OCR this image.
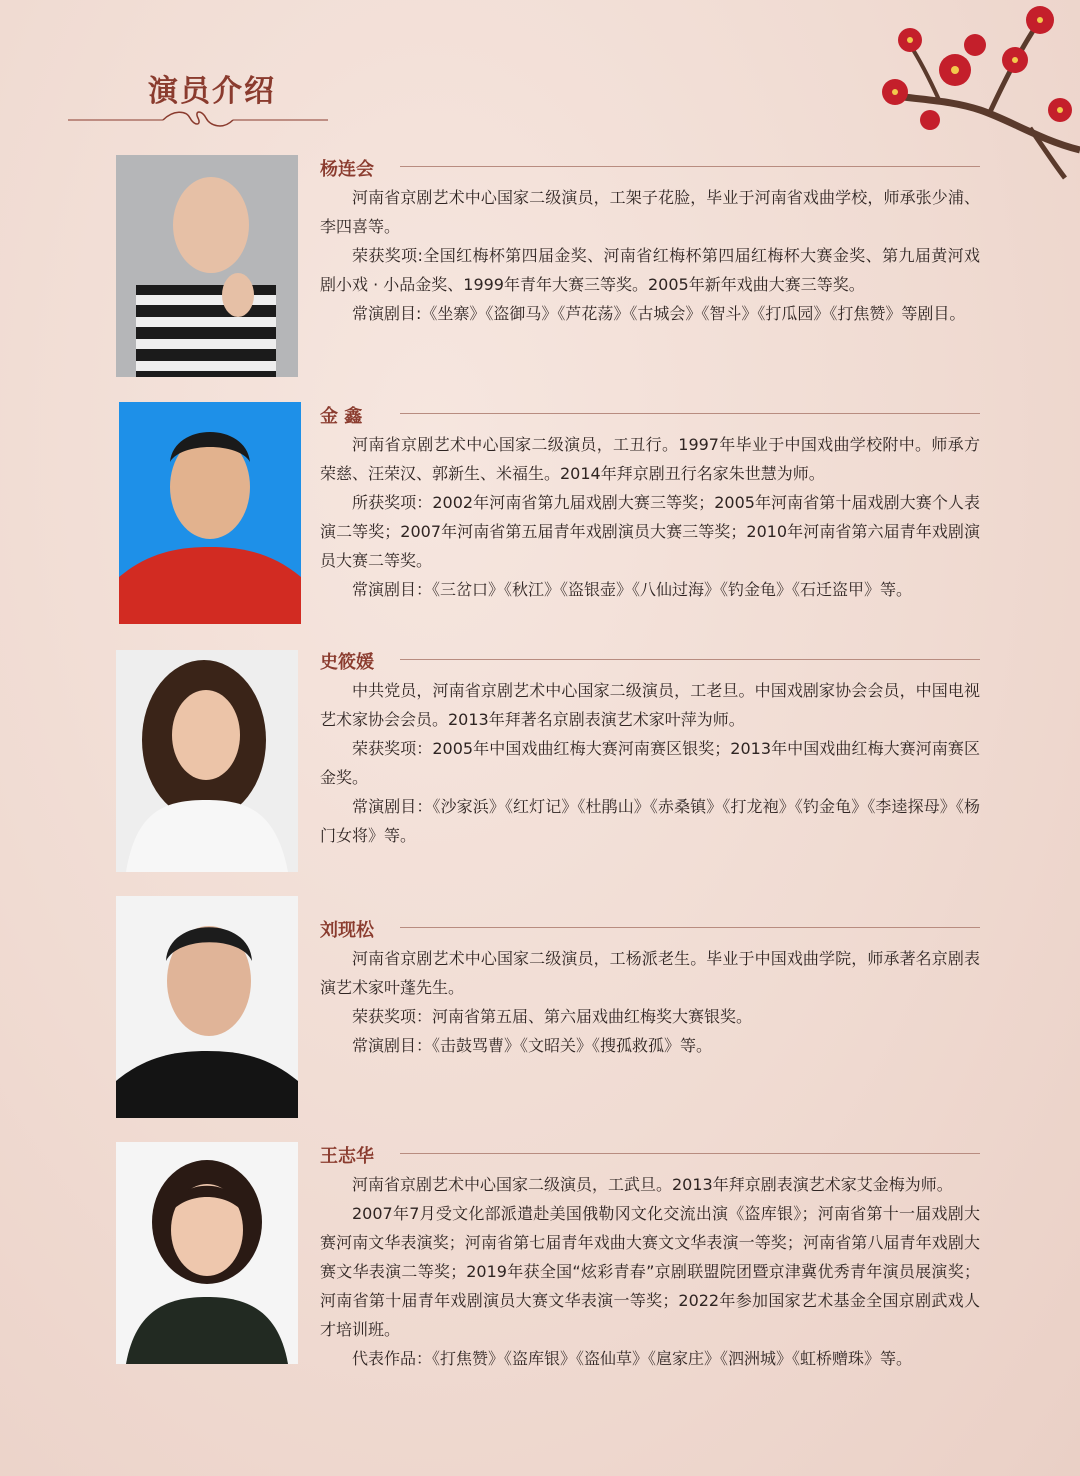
演员介绍
杨连会

河南省京剧艺术中心国家二级演员，工架子花脸，毕业于河南省戏曲学校，师承张少浦、李四喜等。

荣获奖项:全国红梅杯第四届金奖、河南省红梅杯第四届红梅杯大赛金奖、第九届黄河戏剧小戏 · 小品金奖、1999年青年大赛三等奖。2005年新年戏曲大赛三等奖。

常演剧目:《坐寨》《盗御马》《芦花荡》《古城会》《智斗》《打瓜园》《打焦赞》等剧目。

金 鑫

河南省京剧艺术中心国家二级演员，工丑行。1997年毕业于中国戏曲学校附中。师承方荣慈、汪荣汉、郭新生、米福生。2014年拜京剧丑行名家朱世慧为师。

所获奖项：2002年河南省第九届戏剧大赛三等奖；2005年河南省第十届戏剧大赛个人表演二等奖；2007年河南省第五届青年戏剧演员大赛三等奖；2010年河南省第六届青年戏剧演员大赛二等奖。

常演剧目：《三岔口》《秋江》《盗银壶》《八仙过海》《钓金龟》《石迁盗甲》等。

史筱媛

中共党员，河南省京剧艺术中心国家二级演员，工老旦。中国戏剧家协会会员，中国电视艺术家协会会员。2013年拜著名京剧表演艺术家叶萍为师。

荣获奖项：2005年中国戏曲红梅大赛河南赛区银奖；2013年中国戏曲红梅大赛河南赛区金奖。

常演剧目：《沙家浜》《红灯记》《杜鹃山》《赤桑镇》《打龙袍》《钓金龟》《李逵探母》《杨门女将》等。

刘现松

河南省京剧艺术中心国家二级演员，工杨派老生。毕业于中国戏曲学院，师承著名京剧表演艺术家叶蓬先生。

荣获奖项：河南省第五届、第六届戏曲红梅奖大赛银奖。

常演剧目：《击鼓骂曹》《文昭关》《搜孤救孤》等。

王志华

河南省京剧艺术中心国家二级演员，工武旦。2013年拜京剧表演艺术家艾金梅为师。

2007年7月受文化部派遣赴美国俄勒冈文化交流出演《盗库银》；河南省第十一届戏剧大赛河南文华表演奖；河南省第七届青年戏曲大赛文文华表演一等奖；河南省第八届青年戏剧大赛文华表演二等奖；2019年获全国“炫彩青春”京剧联盟院团暨京津冀优秀青年演员展演奖；河南省第十届青年戏剧演员大赛文华表演一等奖；2022年参加国家艺术基金全国京剧武戏人才培训班。

代表作品：《打焦赞》《盗库银》《盗仙草》《扈家庄》《泗洲城》《虹桥赠珠》等。
